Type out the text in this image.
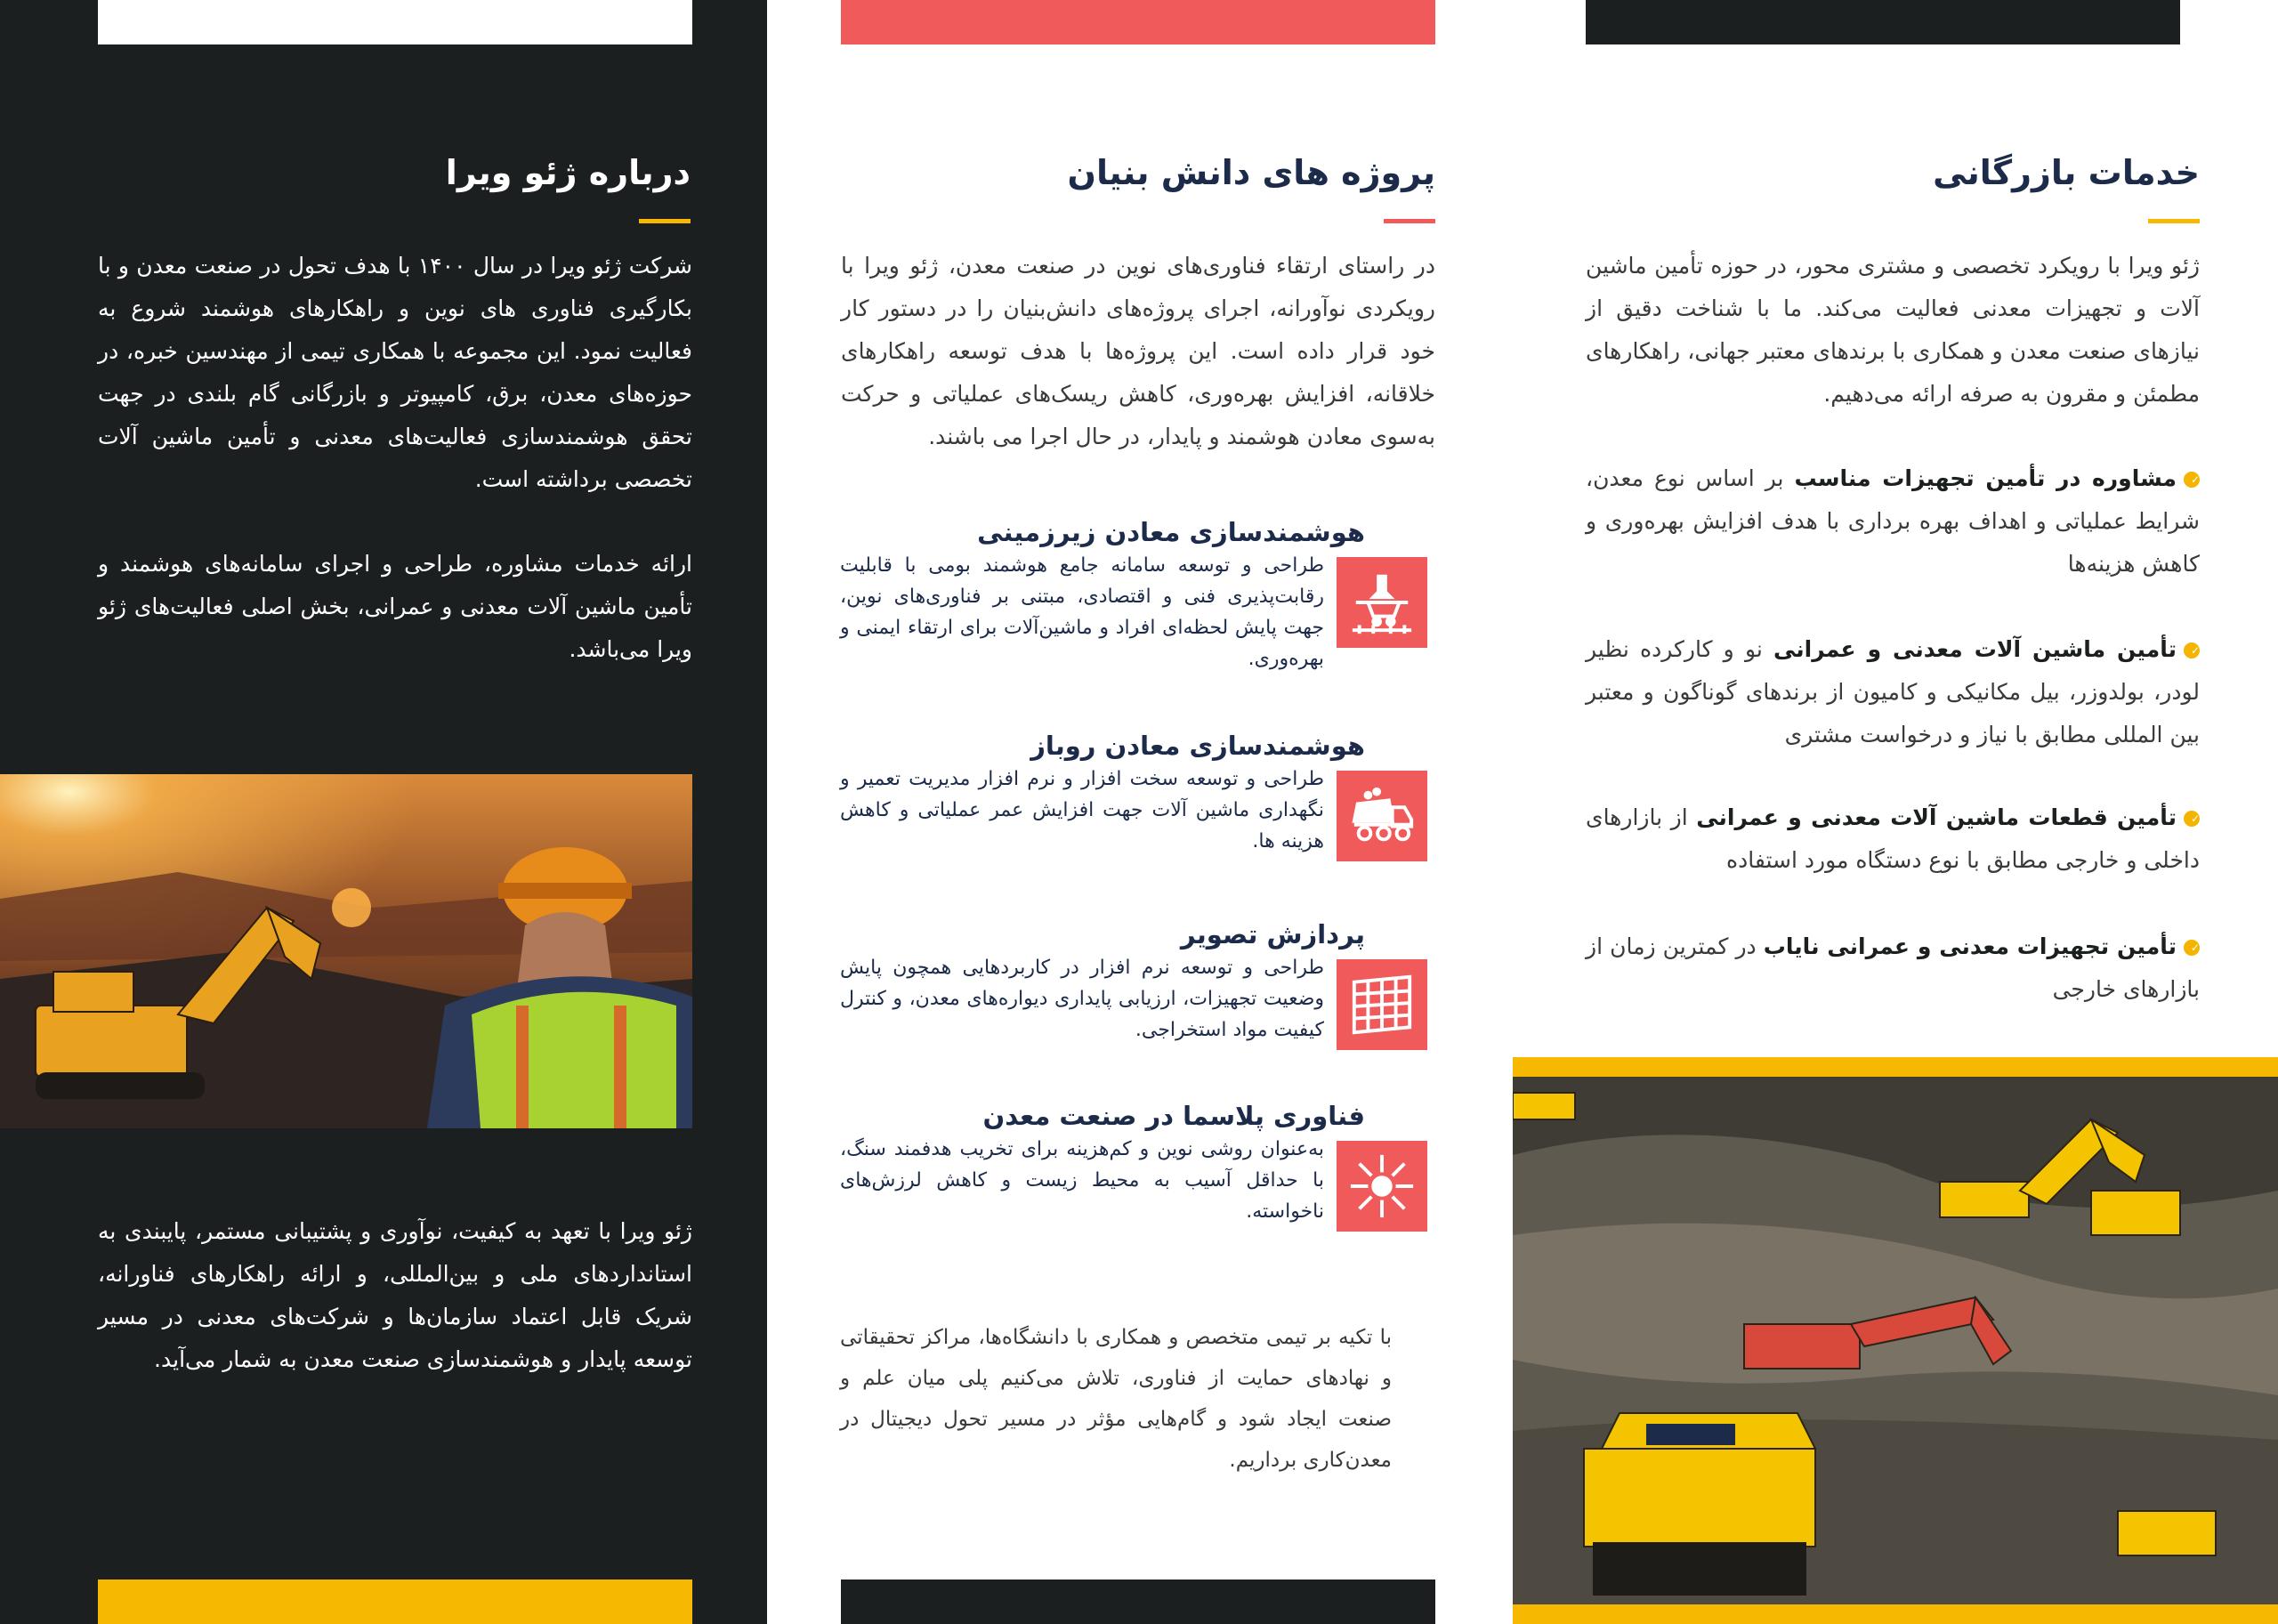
درباره ژئو ویرا

شرکت ژئو ویرا در سال ۱۴۰۰ با هدف تحول در صنعت معدن و با بکارگیری فناوری های نوین و راهکارهای هوشمند شروع به فعالیت نمود. این مجموعه با همکاری تیمی از مهندسین خبره، در حوزه‌های معدن، برق، کامپیوتر و بازرگانی گام بلندی در جهت تحقق هوشمندسازی فعالیت‌های معدنی و تأمین ماشین آلات تخصصی برداشته است.

ارائه خدمات مشاوره، طراحی و اجرای سامانه‌های هوشمند و تأمین ماشین آلات معدنی و عمرانی، بخش اصلی فعالیت‌های ژئو ویرا می‌باشد.

ژئو ویرا با تعهد به کیفیت، نوآوری و پشتیبانی مستمر، پایبندی به استانداردهای ملی و بین‌المللی، و ارائه راهکارهای فناورانه، شریک قابل اعتماد سازمان‌ها و شرکت‌های معدنی در مسیر توسعه پایدار و هوشمندسازی صنعت معدن به شمار می‌آید.

پروژه های دانش بنیان

در راستای ارتقاء فناوری‌های نوین در صنعت معدن، ژئو ویرا با رویکردی نوآورانه، اجرای پروژه‌های دانش‌بنیان را در دستور کار خود قرار داده است. این پروژه‌ها با هدف توسعه راهکارهای خلاقانه، افزایش بهره‌وری، کاهش ریسک‌های عملیاتی و حرکت به‌سوی معادن هوشمند و پایدار، در حال اجرا می باشند.

هوشمندسازی معادن زیرزمینی

طراحی و توسعه سامانه جامع هوشمند بومی با قابلیت رقابت‌پذیری فنی و اقتصادی، مبتنی بر فناوری‌های نوین، جهت پایش لحظه‌ای افراد و ماشین‌آلات برای ارتقاء ایمنی و بهره‌وری.

هوشمندسازی معادن روباز

طراحی و توسعه سخت افزار و نرم افزار مدیریت تعمیر و نگهداری ماشین آلات جهت افزایش عمر عملیاتی و کاهش هزینه ها.

پردازش تصویر

طراحی و توسعه نرم افزار در کاربردهایی همچون پایش وضعیت تجهیزات، ارزیابی پایداری دیواره‌های معدن، و کنترل کیفیت مواد استخراجی.

فناوری پلاسما در صنعت معدن

به‌عنوان روشی نوین و کم‌هزینه برای تخریب هدفمند سنگ، با حداقل آسیب به محیط زیست و کاهش لرزش‌های ناخواسته.

با تکیه بر تیمی متخصص و همکاری با دانشگاه‌ها، مراکز تحقیقاتی و نهادهای حمایت از فناوری، تلاش می‌کنیم پلی میان علم و صنعت ایجاد شود و گام‌هایی مؤثر در مسیر تحول دیجیتال در معدن‌کاری برداریم.

خدمات بازرگانی

ژئو ویرا با رویکرد تخصصی و مشتری محور، در حوزه تأمین ماشین آلات و تجهیزات معدنی فعالیت می‌کند. ما با شناخت دقیق از نیازهای صنعت معدن و همکاری با برندهای معتبر جهانی، راهکارهای مطمئن و مقرون به صرفه ارائه می‌دهیم.

✓مشاوره در تأمین تجهیزات مناسب بر اساس نوع معدن، شرایط عملیاتی و اهداف بهره برداری با هدف افزایش بهره‌وری و کاهش هزینه‌ها

✓تأمین ماشین آلات معدنی و عمرانی نو و کارکرده نظیر لودر، بولدوزر، بیل مکانیکی و کامیون از برندهای گوناگون و معتبر بین المللی مطابق با نیاز و درخواست مشتری

✓تأمین قطعات ماشین آلات معدنی و عمرانی از بازارهای داخلی و خارجی مطابق با نوع دستگاه مورد استفاده

✓تأمین تجهیزات معدنی و عمرانی نایاب در کمترین زمان از بازارهای خارجی
